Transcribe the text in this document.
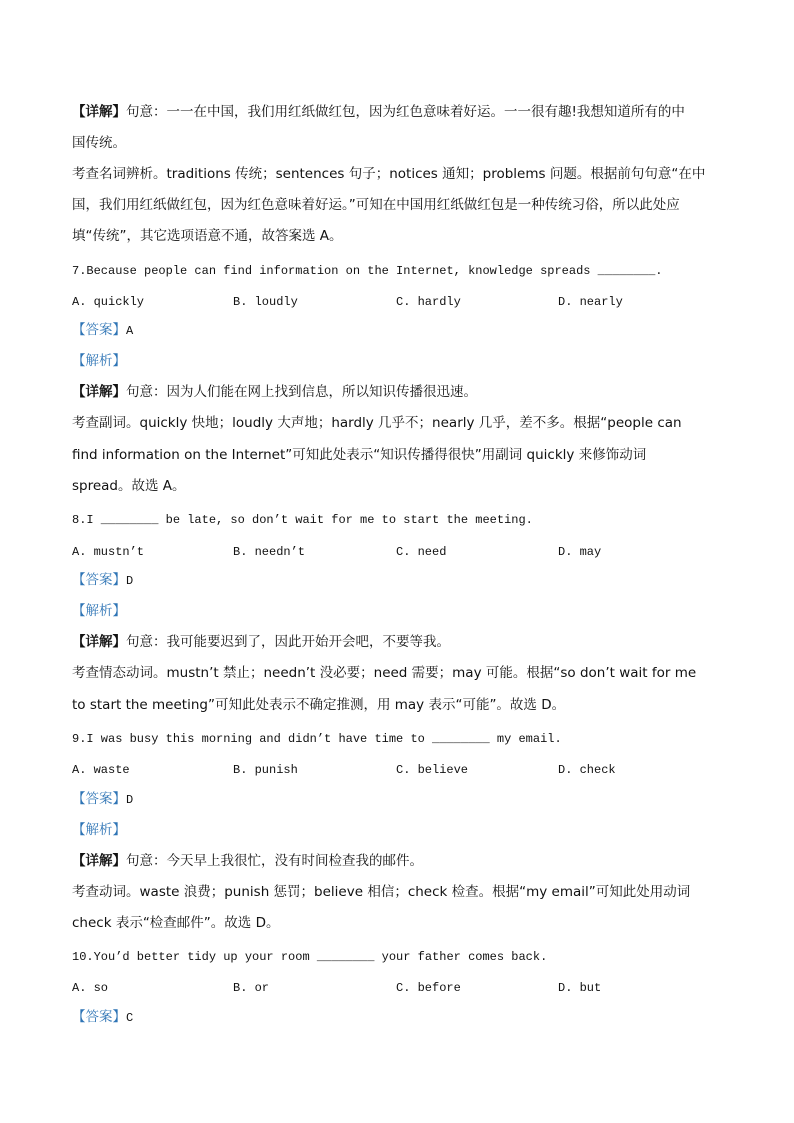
【详解】句意：一一在中国，我们用红纸做红包，因为红色意味着好运。一一很有趣!我想知道所有的中
国传统。
考查名词辨析。traditions 传统；sentences 句子；notices 通知；problems 问题。根据前句句意“在中
国，我们用红纸做红包，因为红色意味着好运。”可知在中国用红纸做红包是一种传统习俗，所以此处应
填“传统”，其它选项语意不通，故答案选 A。
7.Because people can find information on the Internet, knowledge spreads ________.
A. quickly	B. loudly	C. hardly	D. nearly
【答案】A
【解析】
【详解】句意：因为人们能在网上找到信息，所以知识传播很迅速。
考查副词。quickly 快地；loudly 大声地；hardly 几乎不；nearly 几乎，差不多。根据“people can
find information on the Internet”可知此处表示“知识传播得很快”用副词 quickly 来修饰动词
spread。故选 A。
8.I ________ be late, so don’t wait for me to start the meeting.
A. mustn’t	B. needn’t	C. need	D. may
【答案】D
【解析】
【详解】句意：我可能要迟到了，因此开始开会吧，不要等我。
考查情态动词。mustn’t 禁止；needn’t 没必要；need 需要；may 可能。根据“so don’t wait for me
to start the meeting”可知此处表示不确定推测，用 may 表示“可能”。故选 D。
9.I was busy this morning and didn’t have time to ________ my email.
A. waste	B. punish	C. believe	D. check
【答案】D
【解析】
【详解】句意：今天早上我很忙，没有时间检查我的邮件。
考查动词。waste 浪费；punish 惩罚；believe 相信；check 检查。根据“my email”可知此处用动词
check 表示“检查邮件”。故选 D。
10.You’d better tidy up your room ________ your father comes back.
A. so	B. or	C. before	D. but
【答案】C
